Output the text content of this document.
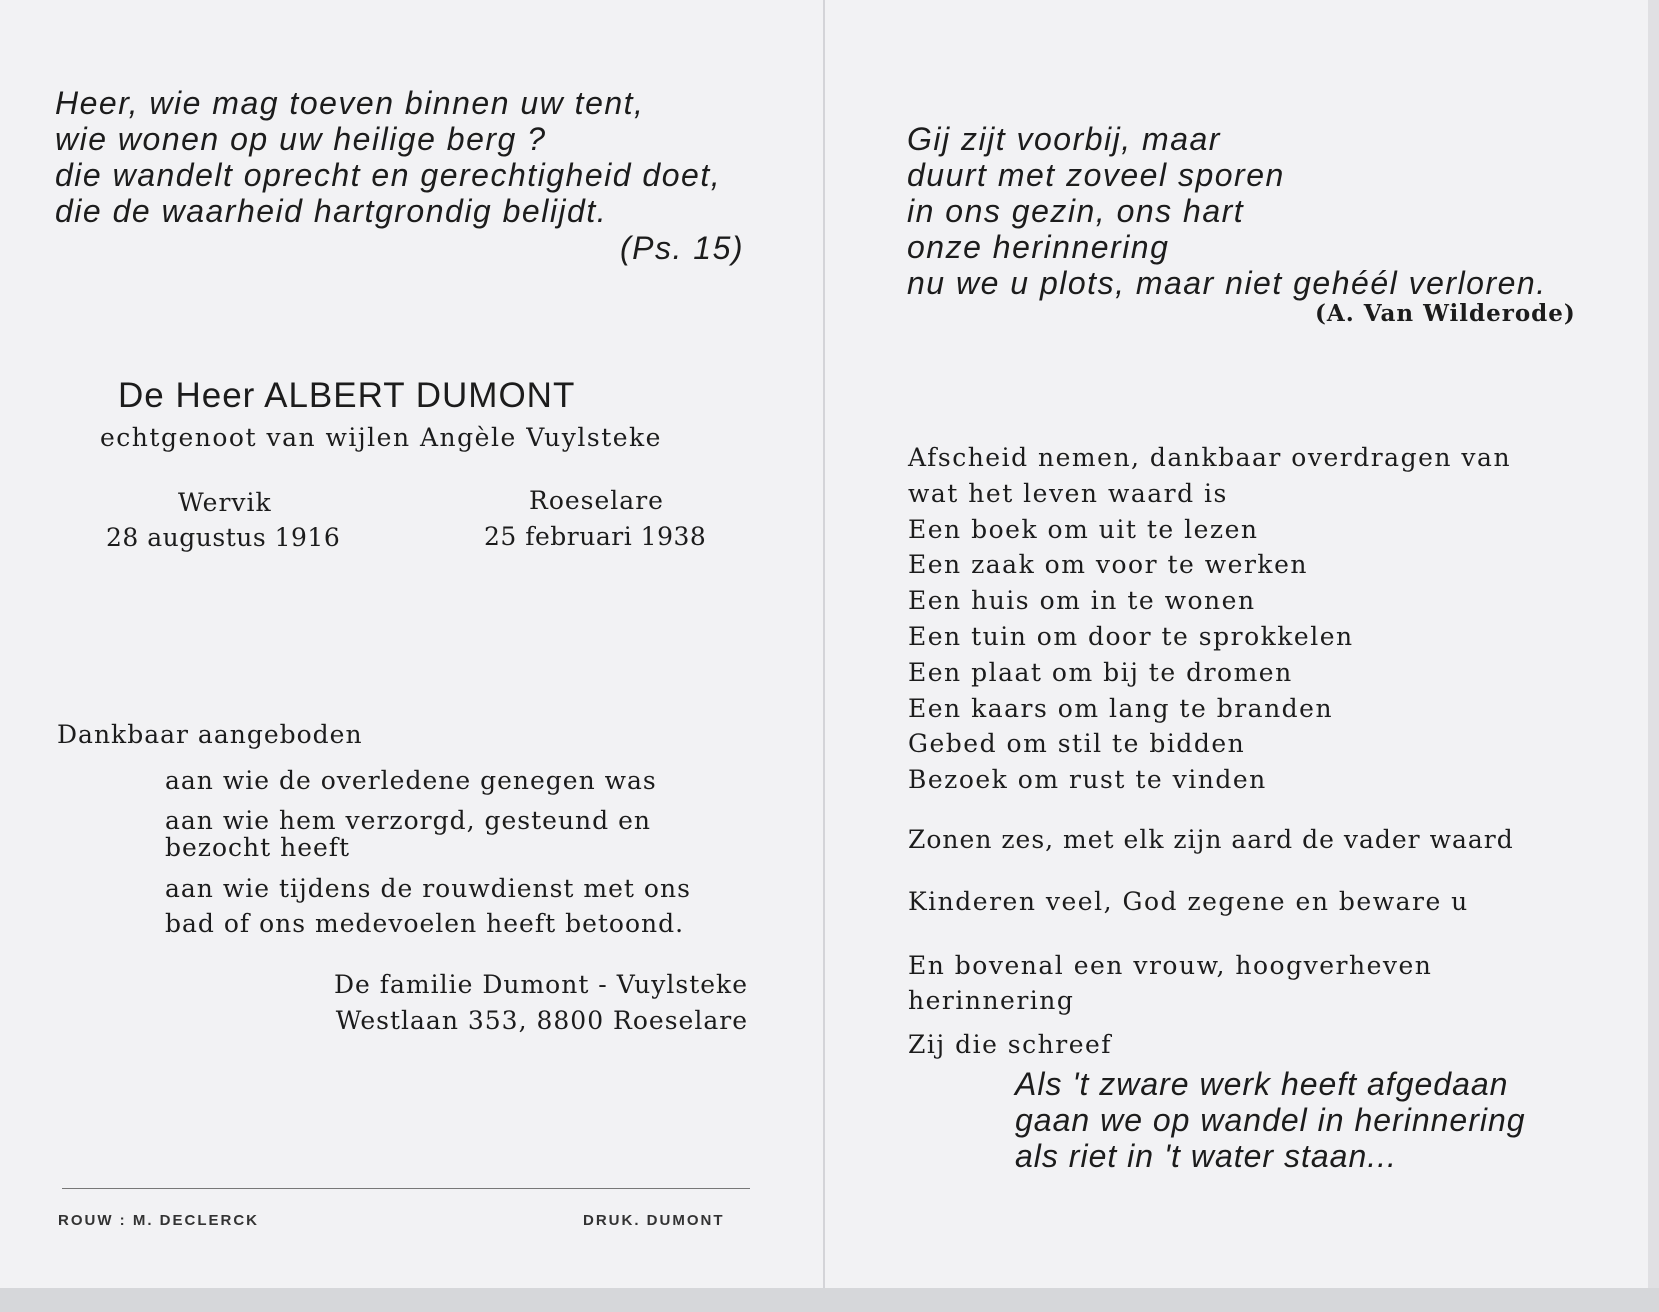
Heer, wie mag toeven binnen uw tent,
wie wonen op uw heilige berg ?
die wandelt oprecht en gerechtigheid doet,
die de waarheid hartgrondig belijdt.
(Ps. 15)
De Heer ALBERT DUMONT
echtgenoot van wijlen Angèle Vuylsteke
Wervik
28 augustus 1916
Roeselare
25 februari 1938
Dankbaar aangeboden
aan wie de overledene genegen was
aan wie hem verzorgd, gesteund en
bezocht heeft
aan wie tijdens de rouwdienst met ons
bad of ons medevoelen heeft betoond.
De familie Dumont - Vuylsteke
Westlaan 353, 8800 Roeselare
ROUW : M. DECLERCK	DRUK. DUMONT
Gij zijt voorbij, maar
duurt met zoveel sporen
in ons gezin, ons hart
onze herinnering
nu we u plots, maar niet gehéél verloren.
(A. Van Wilderode)
Afscheid nemen, dankbaar overdragen van
wat het leven waard is
Een boek om uit te lezen
Een zaak om voor te werken
Een huis om in te wonen
Een tuin om door te sprokkelen
Een plaat om bij te dromen
Een kaars om lang te branden
Gebed om stil te bidden
Bezoek om rust te vinden
Zonen zes, met elk zijn aard de vader waard
Kinderen veel, God zegene en beware u
En bovenal een vrouw, hoogverheven
herinnering
Zij die schreef
Als 't zware werk heeft afgedaan
gaan we op wandel in herinnering
als riet in 't water staan...
